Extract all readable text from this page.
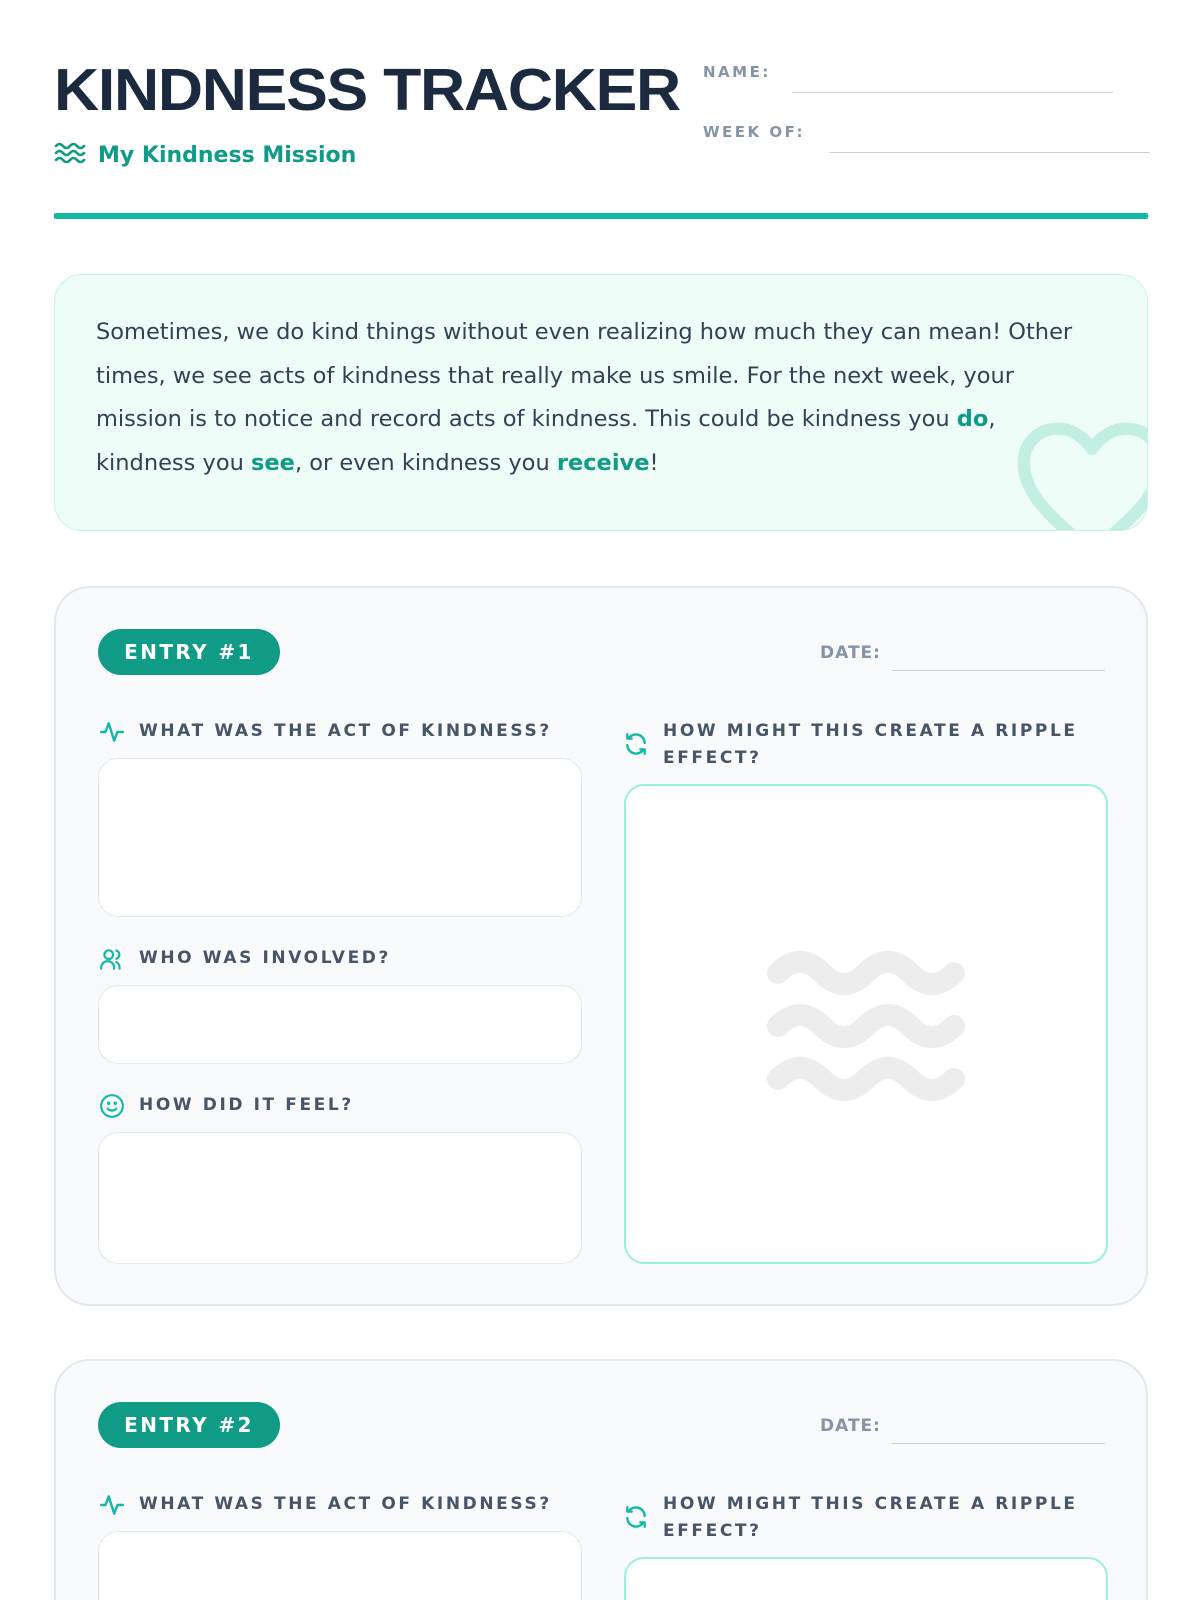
KINDNESS TRACKER
My Kindness Mission
NAME:
WEEK OF:

Sometimes, we do kind things without even realizing how much they can mean! Other times, we see acts of kindness that really make us smile. For the next week, your mission is to notice and record acts of kindness. This could be kindness you do, kindness you see, or even kindness you receive!

ENTRY #1	DATE:
WHAT WAS THE ACT OF KINDNESS?
WHO WAS INVOLVED?
HOW DID IT FEEL?
HOW MIGHT THIS CREATE A RIPPLE EFFECT?
ENTRY #2	DATE:
WHAT WAS THE ACT OF KINDNESS?	HOW MIGHT THIS CREATE A RIPPLE EFFECT?
